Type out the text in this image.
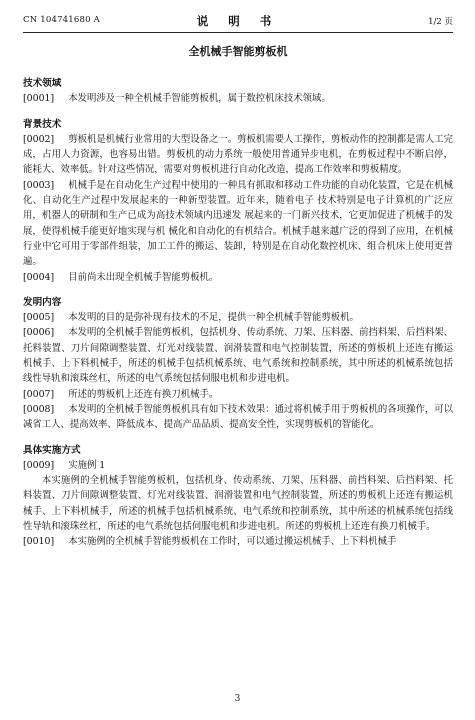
CN 104741680 A	说 明 书	1/2 页
全机械手智能剪板机
技术领域

[0001] 本发明涉及一种全机械手智能剪板机，属于数控机床技术领域。

背景技术

[0002] 剪板机是机械行业常用的大型设备之一。剪板机需要人工操作，剪板动作的控制都是需人工完成，占用人力资源，也容易出错。剪板机的动力系统一般使用普通异步电机，在剪板过程中不断启停，能耗大、效率低。针对这些情况，需要对剪板机进行自动化改造，提高工作效率和剪板精度。

[0003] 机械手是在自动化生产过程中使用的一种具有抓取和移动工件功能的自动化装置，它是在机械化、自动化生产过程中发展起来的一种新型装置。近年来，随着电子 技术特别是电子计算机的广泛应用，机器人的研制和生产已成为高技术领域内迅速发 展起来的一门新兴技术，它更加促进了机械手的发展，使得机械手能更好地实现与机 械化和自动化的有机结合。机械手越来越广泛的得到了应用，在机械行业中它可用于零部件组装，加工工件的搬运、装卸，特别是在自动化数控机床、组合机床上使用更普遍。

[0004] 目前尚未出现全机械手智能剪板机。

发明内容

[0005] 本发明的目的是弥补现有技术的不足，提供一种全机械手智能剪板机。

[0006] 本发明的全机械手智能剪板机，包括机身、传动系统、刀架、压料器、前挡料架、后挡料架、托料装置、刀片间隙调整装置、灯光对线装置、润滑装置和电气控制装置，所述的剪板机上还连有搬运机械手、上下料机械手，所述的机械手包括机械系统、电气系统和控制系统，其中所述的机械系统包括线性导轨和滚珠丝杠，所述的电气系统包括伺服电机和步进电机。

[0007] 所述的剪板机上还连有换刀机械手。

[0008] 本发明的全机械手智能剪板机具有如下技术效果：通过将机械手用于剪板机的各项操作，可以减省工人、提高效率、降低成本、提高产品品质、提高安全性，实现剪板机的智能化。

具体实施方式

[0009] 实施例 1

本实施例的全机械手智能剪板机，包括机身、传动系统、刀架、压料器、前挡料架、后挡料架、托料装置、刀片间隙调整装置、灯光对线装置、润滑装置和电气控制装置，所述的剪板机上还连有搬运机械手、上下料机械手，所述的机械手包括机械系统、电气系统和控制系统，其中所述的机械系统包括线性导轨和滚珠丝杠，所述的电气系统包括伺服电机和步进电机。所述的剪板机上还连有换刀机械手。

[0010] 本实施例的全机械手智能剪板机在工作时，可以通过搬运机械手、上下料机械手

3
